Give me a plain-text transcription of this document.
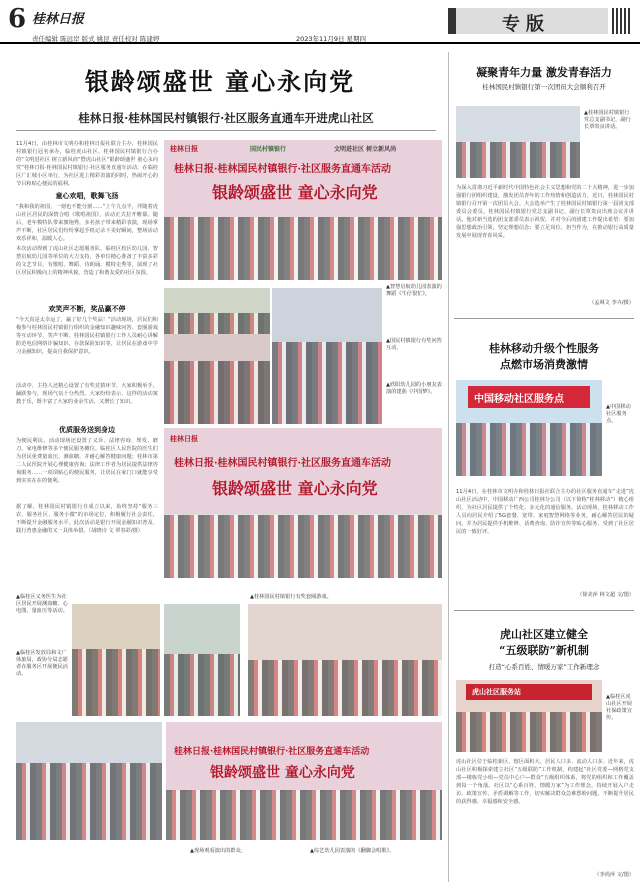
6 桂林日报
责任编辑 陈远岸 版式 姚昆 责任校对 陈建婷	2023年11月9日 星期四
专版
银龄颂盛世 童心永向党
桂林日报·桂林国民村镇银行·社区服务直通车开进虎山社区
11月4日，由桂林市文明办和桂林日报社联合主办，桂林国民村镇银行冠名承办，临桂虎山社区、桂林国民村镇银行合办的“文明进社区 树立新风尚”暨虎山社区“银龄颂盛世 童心永向党”桂林日报·桂林国民村镇银行·社区服务直通车活动，在临桂区广汇城小区举行，为社区进上精彩表演的同时，热闹开心的节目和贴心便民的福利。
童心欢唱，歌舞飞扬
“我和我的祖国，一刻也不能分割……”上午九点半，伴随着虎山社区居民的深情合唱《歌唱祖国》，活动正式拉开帷幕。随后，老年模特队带来旗袍秀，多名孩子带来精彩表演，现场掌声不断，社区居民们纷纷拿起手机记录下美好瞬间，整场活动欢乐祥和，温暖人心。
本次活动得到了虎山社区志愿服务队、临桂区校区幼儿园、智慧启航幼儿园等单位的大力支持，各单位精心准备了丰富多彩的文艺节目，有歌唱、舞蹈、诗朗诵、模特走秀等，展现了社区居民积极向上的精神风貌，营造了和谐友爱的社区氛围。
欢笑声不断，奖品赢不停
“今天真是太幸运了，赢了好几个奖品！”活动现场，居民们积极参与桂林国民村镇银行组织的金融知识趣味问答、套圈游戏等互动环节，笑声不断。桂林国民村镇银行工作人员耐心讲解防范电信网络诈骗知识、存款保险知识等，让居民在游戏中学习金融知识，提高自我保护意识。
活动中，主持人还精心设置了有奖竞猜环节，大家积极举手，踊跃参与，现场气氛十分热烈。大家纷纷表示，这样的活动寓教于乐，既丰富了大家的业余生活，又增长了知识。
优质服务送到身边
为便民利民，活动现场还设置了义诊、法律咨询、理发、磨刀、家电维修等多个便民服务摊位。临桂区人民医院的医生们为居民免费量血压、测血糖，并耐心解答健康问题；桂林市第二人民医院开展心理健康咨询；法律工作者为居民提供法律咨询服务……一项项贴心的便民服务，让居民在家门口就能享受到实实在在的便利。
据了解，桂林国民村镇银行自成立以来，始终坚持“服务三农、服务社区、服务小微”的市场定位，积极履行社会责任，不断提升金融服务水平。此次活动是银行开展金融知识普及、践行普惠金融的又一具体举措。（胡晓诗 文 覃春彩/摄）
桂林日报	国民村镇银行	文明进社区 树立新风尚
桂林日报·桂林国民村镇银行·社区服务直通车活动
银龄颂盛世 童心永向党
▲智慧启航幼儿园表演的舞蹈《牛仔很忙》。
▲国民村镇银行有奖问答互动。
▲欣阳幼儿园的小朋友表演的建曲《中国梦》。
桂林日报
桂林日报·桂林国民村镇银行·社区服务直通车活动
银龄颂盛世 童心永向党
▲桂林国民村镇银行有奖套圈游戏。
▲临桂区义务医生为社区居民开展测血糖、心电图、量血压等活动。
▲临桂区发放局和文广体旅局，政协分局志愿者在服务区开展便民活动。
桂林日报·桂林国民村镇银行·社区服务直通车活动
银龄颂盛世 童心永向党
▲现场观看演出的群众。	▲综艺幼儿园表演的《翻脚会唱歌》。
凝聚青年力量 激发青春活力
桂林国民村镇银行第一次团员大会顺利召开
▲桂林国民村镇银行党总支副书记、副行长覃贵良讲话。
为深入贯彻习近平新时代中国特色社会主义思想和党的二十大精神，进一步加强银行团组织建设，激发团员青年的工作热情和创造活力，近日，桂林国民村镇银行召开第一次团员大会。大会选举产生了桂林国民村镇银行第一届团支部委员会委员。桂林国民村镇银行党总支副书记、副行长覃贵良出席会议并讲话。他对新当选的团支部委员表示祝贺，并对今后的团建工作提出希望：要加强思想政治引领，坚定理想信念；要立足岗位、担当作为，在推动银行高质量发展中展现青春风采。
（孟飒文 李卉/摄）
桂林移动升级个性服务
点燃市场消费激情
中国移动社区服务点
▲中国移动社区服务点。
11月4日，在桂林市文明办和桂林日报社联合主办的社区服务直通车“走进”虎山社区活动中，中国移动广西公司桂林分公司（以下简称“桂林移动”）精心组织，为社区居民提供了个性化、多元化的通信服务。活动现场，桂林移动工作人员向居民介绍了5G套餐、宽带、家庭智慧网络等业务，耐心解答居民的疑问，并为居民提供手机维修、话费查询、防诈宣传等贴心服务，受到了社区居民的一致好评。
（徐美萍 林文超 文/图）
虎山社区建立健全
“五级联防”新机制
打造“心系百姓、情暖万家”工作新理念
虎山社区服务站
▲临桂区虎山社区开展社保政策宣传。
虎山社区位于临桂新区，辖区面积大、居民人口多、流动人口多。近年来，虎山社区积极探索建立社区“五级联防”工作机制，构建起“社区党委—网格党支部—楼栋党小组—党员中心户—群众”五级组织体系，将党的组织和工作覆盖到每一个角落。社区以“心系百姓、情暖万家”为工作理念，持续开展入户走访、政策宣传、矛盾调解等工作，切实解决群众急难愁盼问题，不断提升居民的获得感、幸福感和安全感。
（李尚萍 文/图）
